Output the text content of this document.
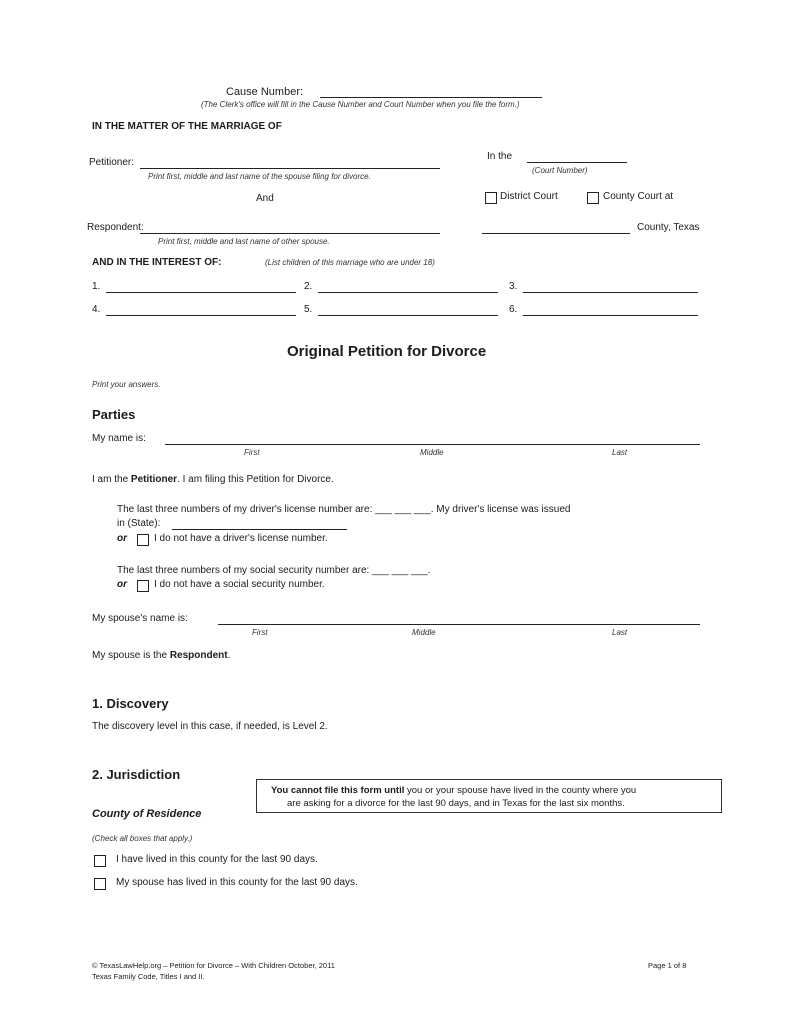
Cause Number:
(The Clerk's office will fill in the Cause Number and Court Number when you file the form.)
IN THE MATTER OF THE MARRIAGE OF
Petitioner:
Print first, middle and last name of the spouse filing for divorce.
In the
(Court Number)
And	District Court	County Court at
Respondent:
Print first, middle and last name of other spouse.
County, Texas
AND IN THE INTEREST OF:	(List children of this marriage who are under 18)
1.	2.	3.
4.	5.	6.
Original Petition for Divorce
Print your answers.
Parties
My name is:
First	Middle	Last
I am the Petitioner. I am filing this Petition for Divorce.
The last three numbers of my driver's license number are: ___ ___ ___. My driver's license was issued
in (State):
or	I do not have a driver's license number.
The last three numbers of my social security number are: ___ ___ ___.
or	I do not have a social security number.
My spouse's name is:
First	Middle	Last
My spouse is the Respondent.
1. Discovery
The discovery level in this case, if needed, is Level 2.
2. Jurisdiction
You cannot file this form until you or your spouse have lived in the county where you
are asking for a divorce for the last 90 days, and in Texas for the last six months.
County of Residence
(Check all boxes that apply.)
I have lived in this county for the last 90 days.
My spouse has lived in this county for the last 90 days.
© TexasLawHelp.org – Petition for Divorce – With Children October, 2011
Texas Family Code, Titles I and II.
Page 1 of 8
